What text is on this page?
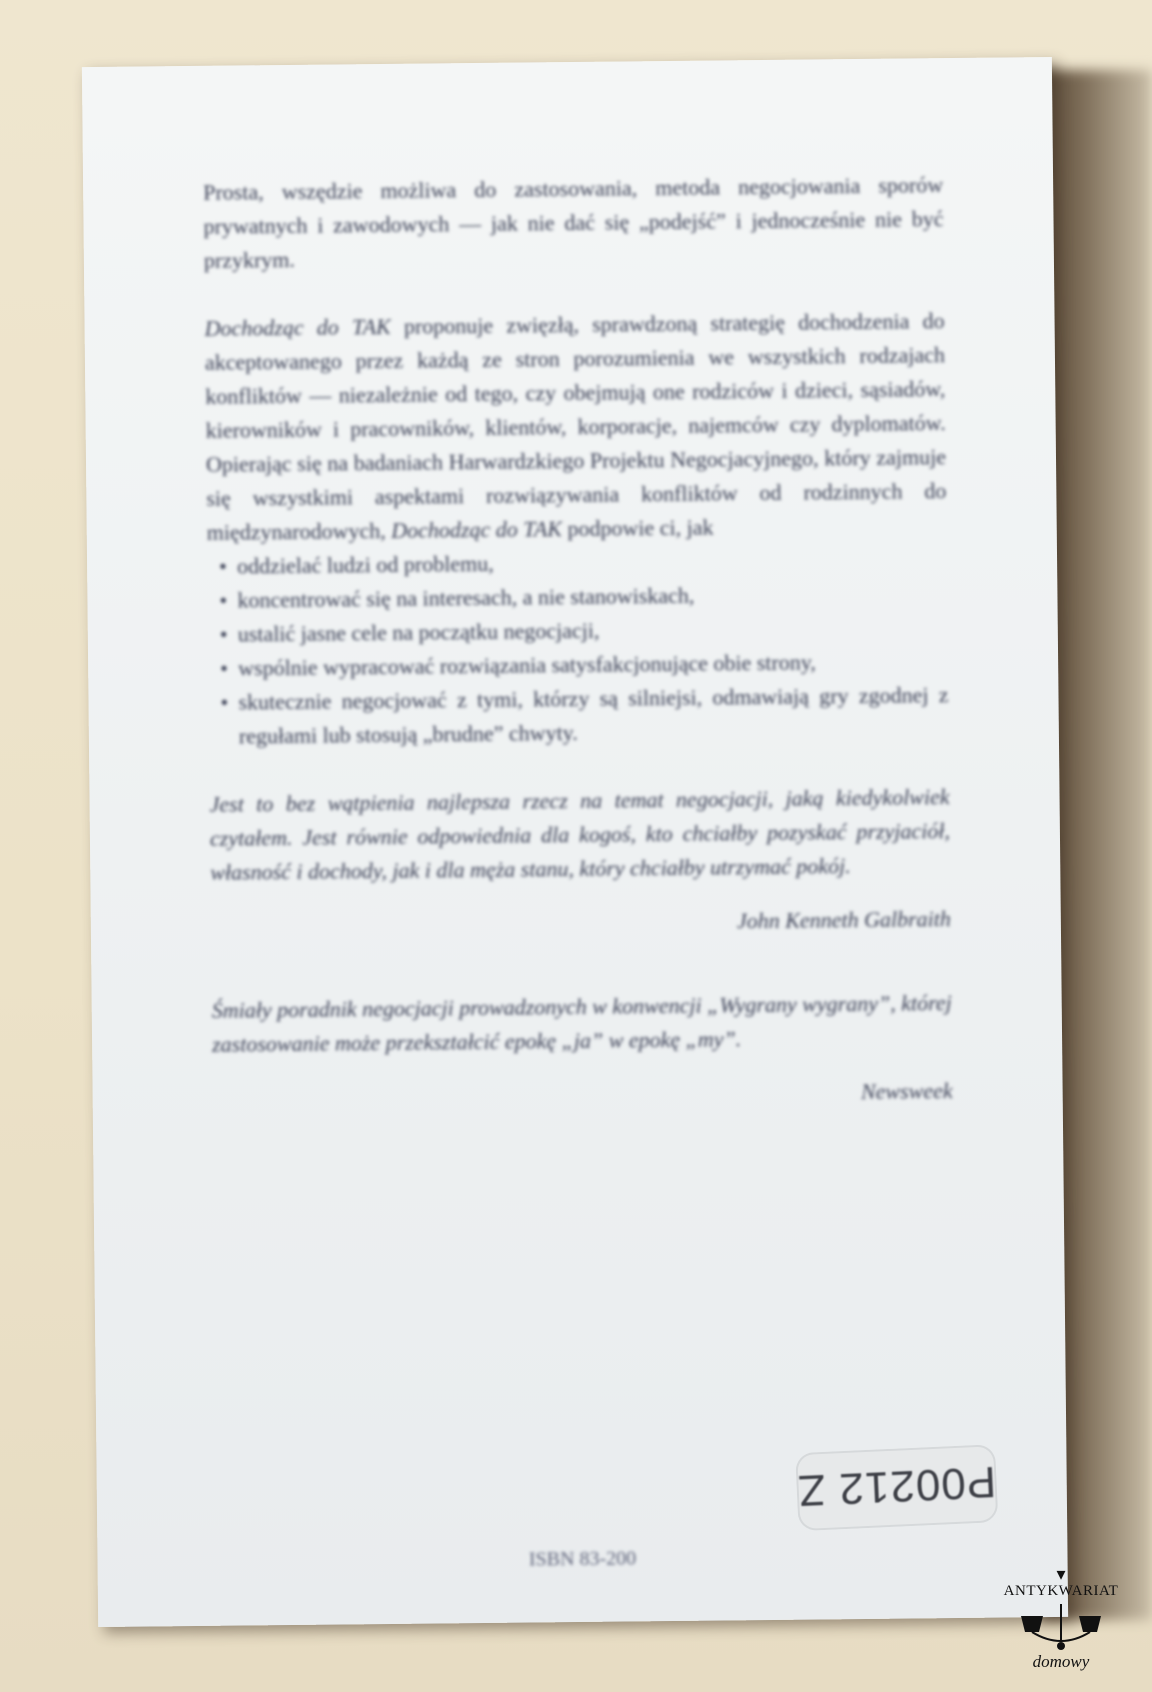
Prosta, wszędzie możliwa do zastosowania, metoda negocjowania sporów prywatnych i zawodowych — jak nie dać się „podejść” i jednocześnie nie być przykrym.

Dochodząc do TAK proponuje zwięzłą, sprawdzoną strategię dochodzenia do akceptowanego przez każdą ze stron porozumienia we wszystkich rodzajach konfliktów — niezależnie od tego, czy obejmują one rodziców i dzieci, sąsiadów, kierowników i pracowników, klientów, korporacje, najemców czy dyplomatów. Opierając się na badaniach Harwardzkiego Projektu Negocjacyjnego, który zajmuje się wszystkimi aspektami rozwiązywania konfliktów od rodzinnych do międzynarodowych, Dochodząc do TAK podpowie ci, jak

• oddzielać ludzi od problemu,
• koncentrować się na interesach, a nie stanowiskach,
• ustalić jasne cele na początku negocjacji,
• wspólnie wypracować rozwiązania satysfakcjonujące obie strony,
• skutecznie negocjować z tymi, którzy są silniejsi, odmawiają gry zgodnej z regułami lub stosują „brudne” chwyty.

Jest to bez wątpienia najlepsza rzecz na temat negocjacji, jaką kiedykolwiek czytałem. Jest równie odpowiednia dla kogoś, kto chciałby pozyskać przyjaciół, własność i dochody, jak i dla męża stanu, który chciałby utrzymać pokój.

John Kenneth Galbraith

Śmiały poradnik negocjacji prowadzonych w konwencji „Wygrany wygrany”, której zastosowanie może przekształcić epokę „ja” w epokę „my”.

Newsweek
P00212 Z
ISBN 83-200
▾
ANTYKWARIAT
domowy
